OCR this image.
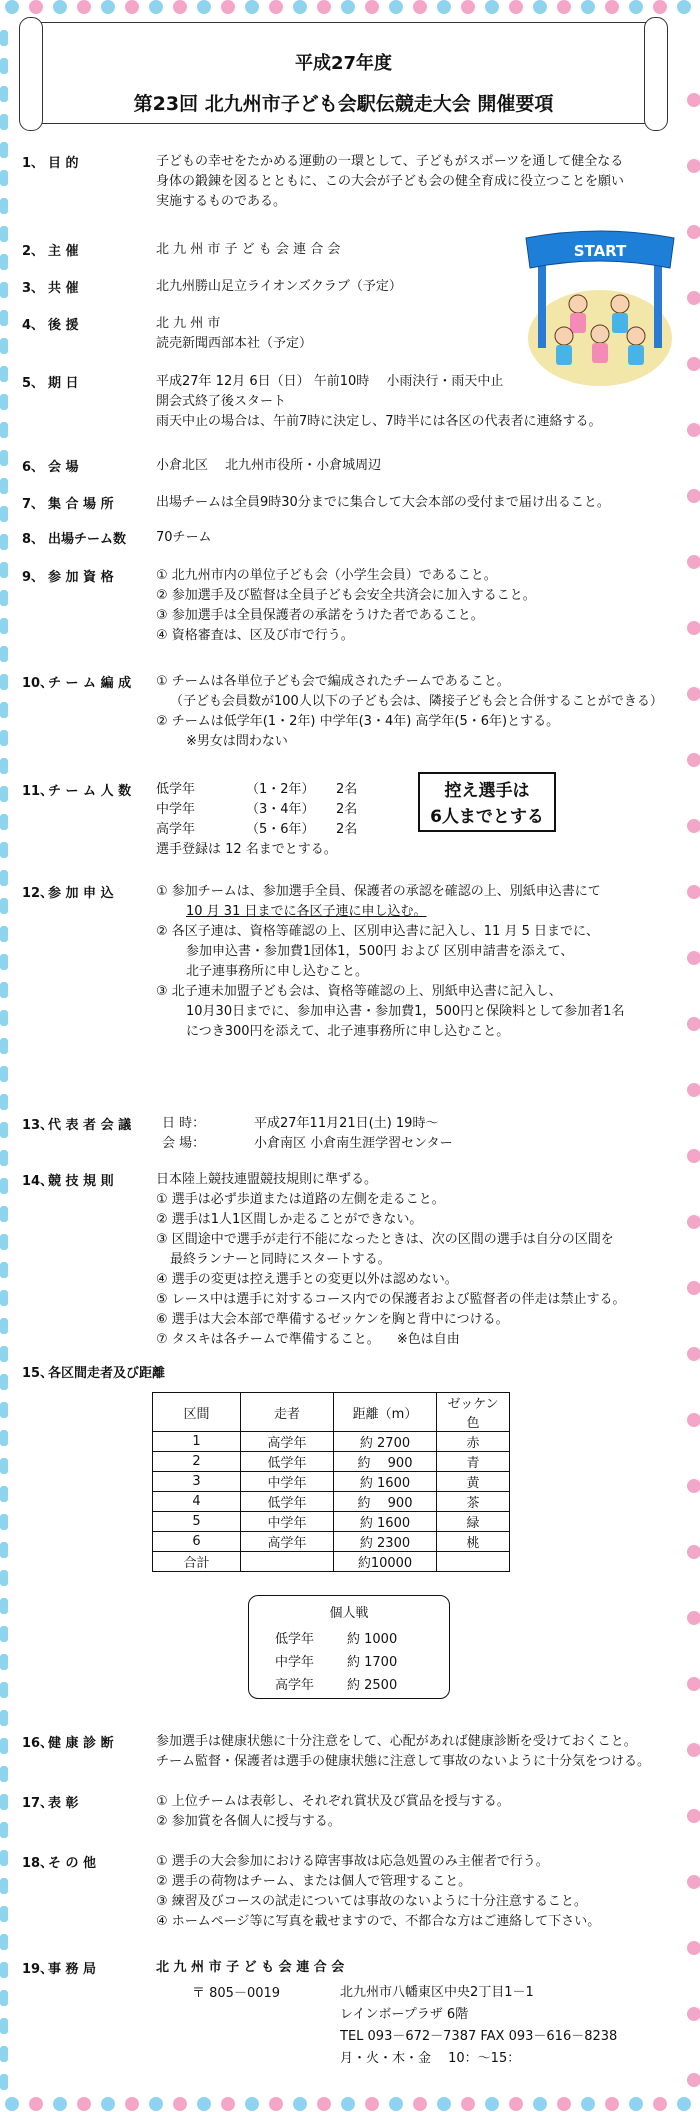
平成27年度
第23回 北九州市子ども会駅伝競走大会 開催要項
START
1、 目 的	子どもの幸せをたかめる運動の一環として、子どもがスポーツを通して健全なる
身体の鍛錬を図るとともに、この大会が子ども会の健全育成に役立つことを願い
実施するものである。
2、 主 催	北 九 州 市 子 ど も 会 連 合 会
3、 共 催	北九州勝山足立ライオンズクラブ（予定）
4、 後 援	北 九 州 市
読売新聞西部本社（予定）
5、 期 日	平成27年 12月 6日（日） 午前10時 　小雨決行・雨天中止
開会式終了後スタート
雨天中止の場合は、午前7時に決定し、7時半には各区の代表者に連絡する。
6、 会 場	小倉北区 　北九州市役所・小倉城周辺
7、 集 合 場 所	出場チームは全員9時30分までに集合して大会本部の受付まで届け出ること。
8、 出場チーム数 70チーム
9、 参 加 資 格	① 北九州市内の単位子ども会（小学生会員）であること。
② 参加選手及び監督は全員子ども会安全共済会に加入すること。
③ 参加選手は全員保護者の承諾をうけた者であること。
④ 資格審査は、区及び市で行う。
10、チ ー ム 編 成 ① チームは各単位子ども会で編成されたチームであること。
（子ども会員数が100人以下の子ども会は、隣接子ども会と合併することができる）
② チームは低学年(1・2年) 中学年(3・4年) 高学年(5・6年)とする。
※男女は問わない
11、チ ー ム 人 数 低学年	（1・2年） 2名
中学年	（3・4年） 2名
高学年	（5・6年） 2名
選手登録は 12 名までとする。
控え選手は
6人までとする
12、参 加 申 込	① 参加チームは、参加選手全員、保護者の承認を確認の上、別紙申込書にて
10 月 31 日までに各区子連に申し込む。
② 各区子連は、資格等確認の上、区別申込書に記入し、11 月 5 日までに、
参加申込書・参加費1団体1，500円 および 区別申請書を添えて、
北子連事務所に申し込むこと。
③ 北子連未加盟子ども会は、資格等確認の上、別紙申込書に記入し、
10月30日までに、参加申込書・参加費1，500円と保険料として参加者1名
につき300円を添えて、北子連事務所に申し込むこと。
13、代 表 者 会 議	日 時：	平成27年11月21日(土) 19時～
会 場：	小倉南区 小倉南生涯学習センター
14、競 技 規 則	日本陸上競技連盟競技規則に準ずる。
① 選手は必ず歩道または道路の左側を走ること。
② 選手は1人1区間しか走ることができない。
③ 区間途中で選手が走行不能になったときは、次の区間の選手は自分の区間を
最終ランナーと同時にスタートする。
④ 選手の変更は控え選手との変更以外は認めない。
⑤ レース中は選手に対するコース内での保護者および監督者の伴走は禁止する。
⑥ 選手は大会本部で準備するゼッケンを胸と背中につける。
⑦ タスキは各チームで準備すること。 　※色は自由
15、各区間走者及び距離
区間	走者	距離（m）	ゼッケン色
1	高学年	約 2700	赤
2	低学年	約 　900	青
3	中学年	約 1600	黄
4	低学年	約 　900	茶
5	中学年	約 1600	緑
6	高学年	約 2300	桃
合計		約10000	
個人戦
低学年	約 1000
中学年	約 1700
高学年	約 2500
16、健 康 診 断	参加選手は健康状態に十分注意をして、心配があれば健康診断を受けておくこと。
チーム監督・保護者は選手の健康状態に注意して事故のないように十分気をつける。
17、表 彰	① 上位チームは表彰し、それぞれ賞状及び賞品を授与する。
② 参加賞を各個人に授与する。
18、そ の 他	① 選手の大会参加における障害事故は応急処置のみ主催者で行う。
② 選手の荷物はチーム、または個人で管理すること。
③ 練習及びコースの試走については事故のないように十分注意すること。
④ ホームページ等に写真を載せますので、不都合な方はご連絡して下さい。
19、事 務 局	北 九 州 市 子 ど も 会 連 合 会
〒 805－0019	北九州市八幡東区中央2丁目1－1
レインボープラザ 6階
TEL 093－672－7387 FAX 093－616－8238
月・火・木・金 　10：～15：
